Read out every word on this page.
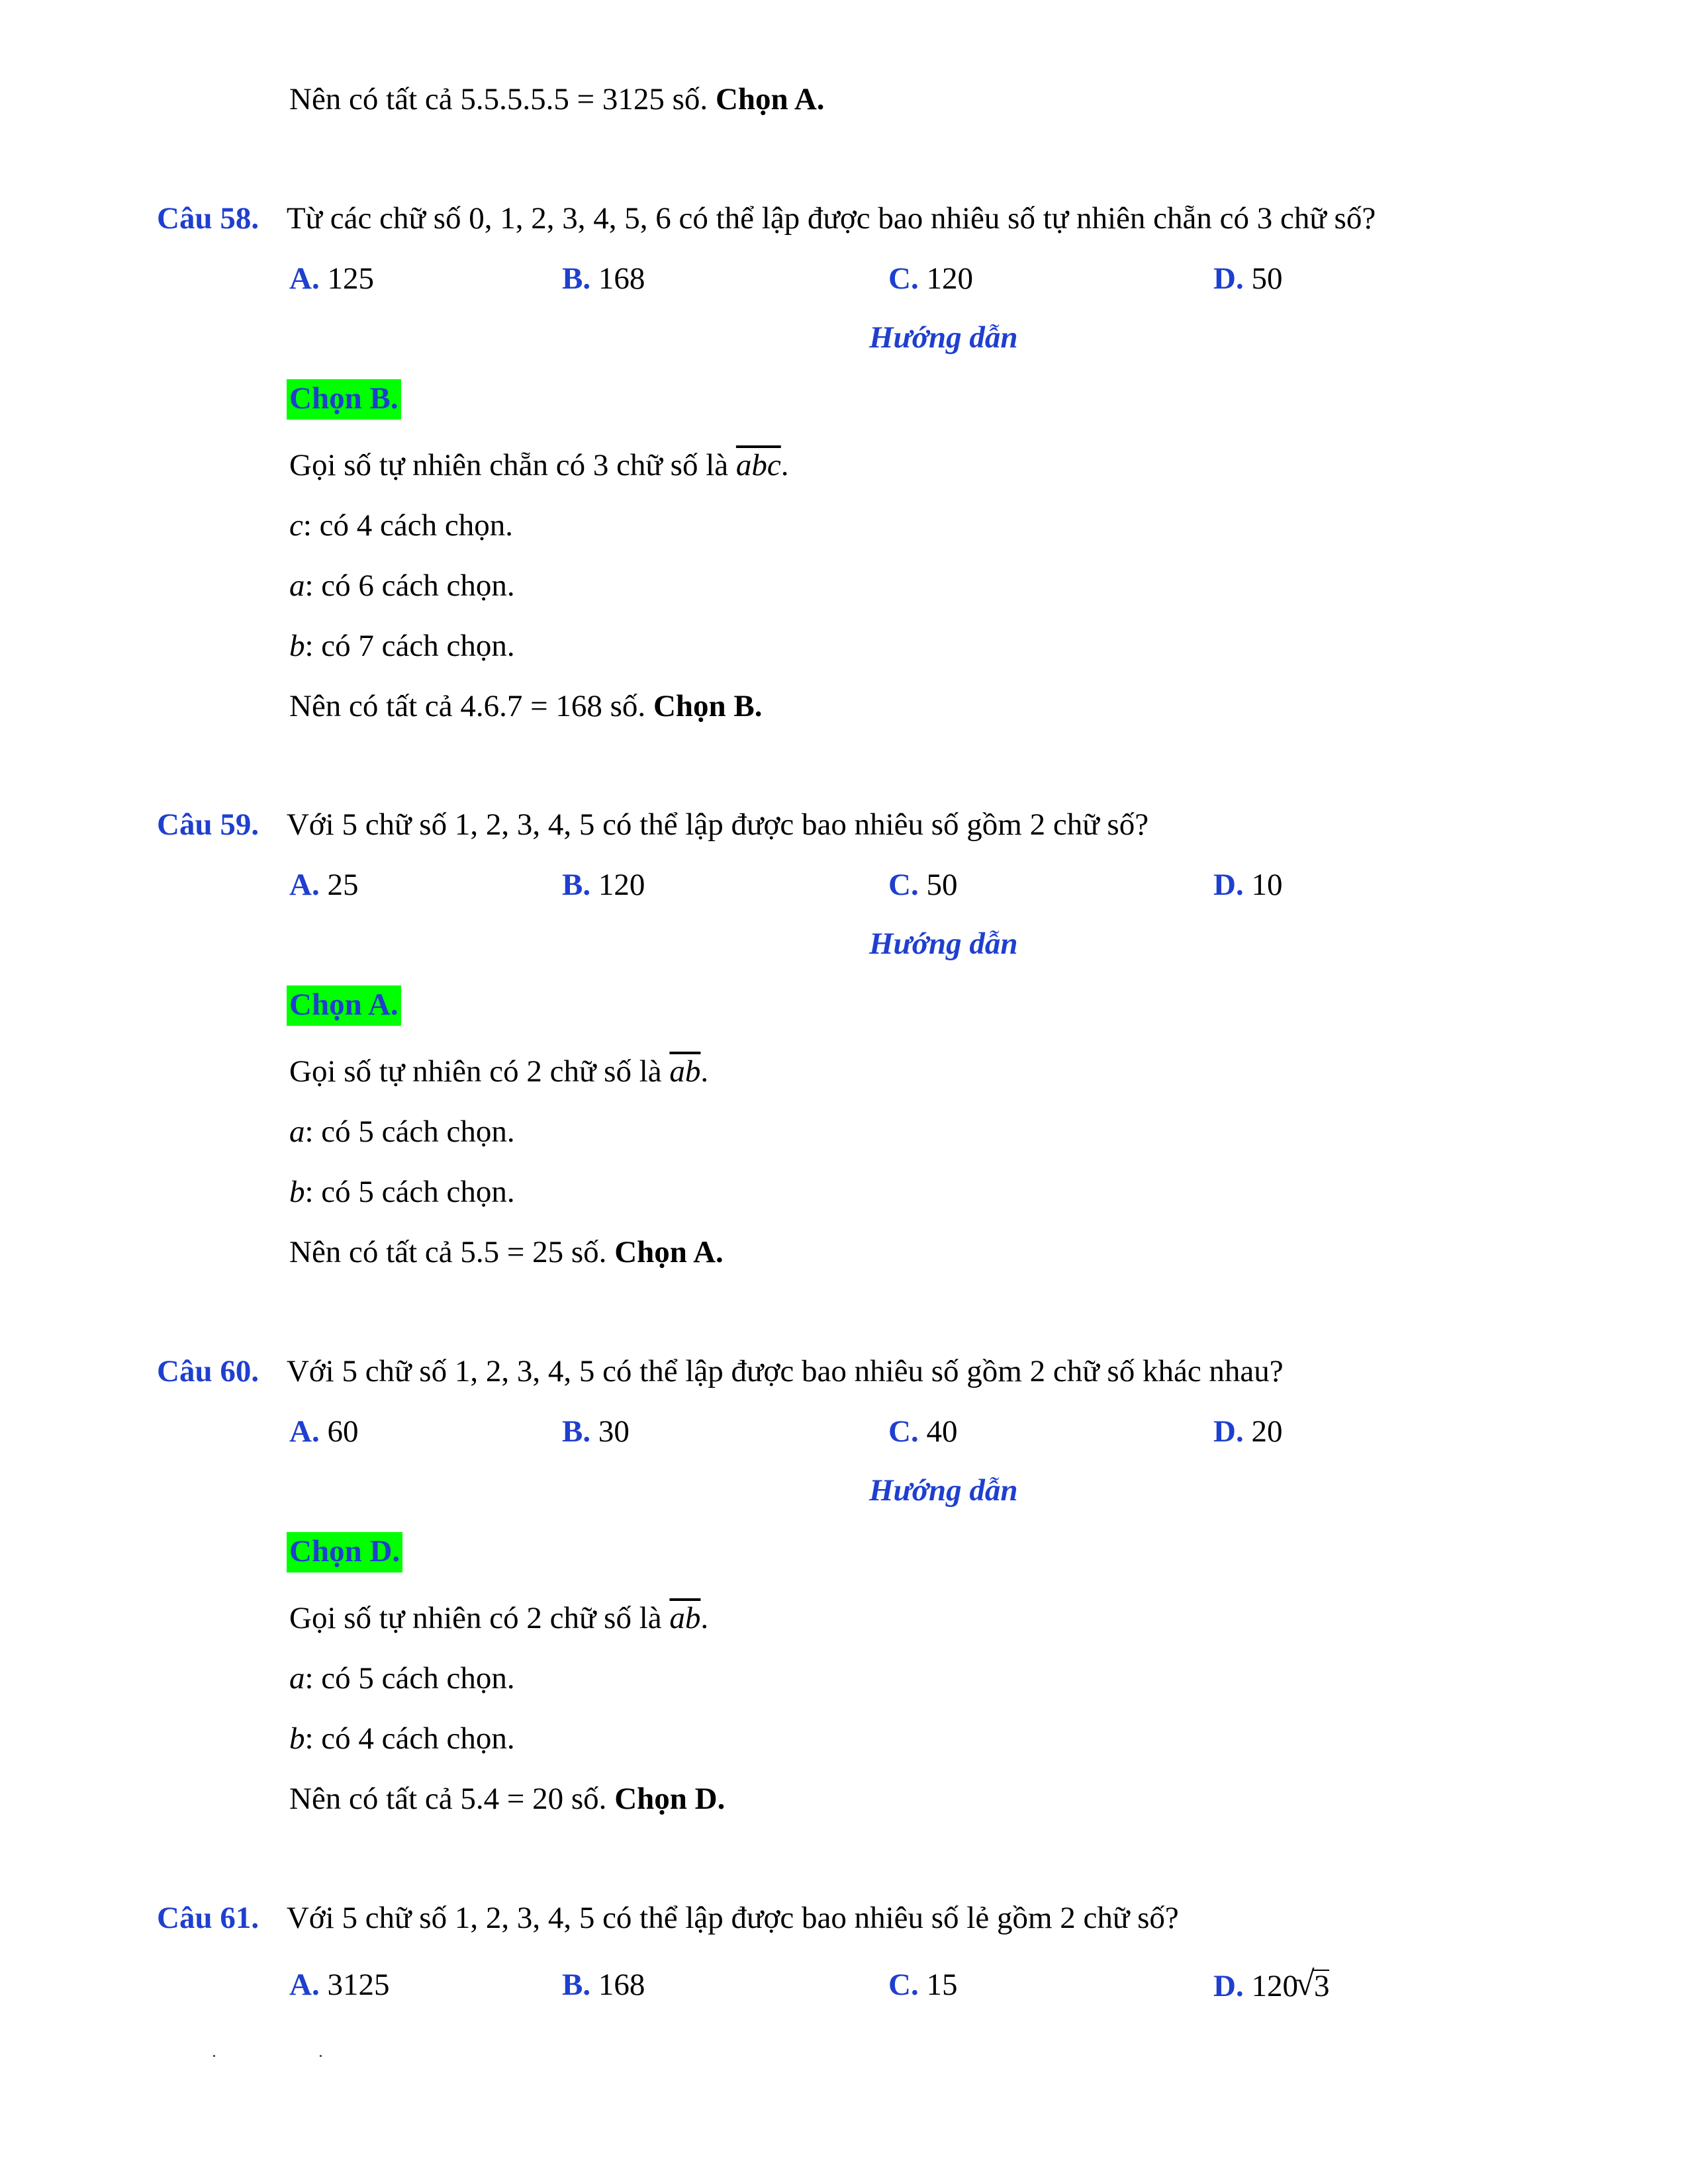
Nên có tất cả 5.5.5.5.5 = 3125 số. Chọn A.
Câu 58. Từ các chữ số 0, 1, 2, 3, 4, 5, 6 có thể lập được bao nhiêu số tự nhiên chẵn có 3 chữ số?
A. 125	B. 168	C. 120	D. 50
Hướng dẫn
Chọn B.
Gọi số tự nhiên chẵn có 3 chữ số là $\overline{abc}$.
c: có 4 cách chọn.
a: có 6 cách chọn.
b: có 7 cách chọn.
Nên có tất cả 4.6.7 = 168 số. Chọn B.
Câu 59. Với 5 chữ số 1, 2, 3, 4, 5 có thể lập được bao nhiêu số gồm 2 chữ số?
A. 25	B. 120	C. 50	D. 10
Hướng dẫn
Chọn A.
Gọi số tự nhiên có 2 chữ số là $\overline{ab}$.
a: có 5 cách chọn.
b: có 5 cách chọn.
Nên có tất cả 5.5 = 25 số. Chọn A.
Câu 60. Với 5 chữ số 1, 2, 3, 4, 5 có thể lập được bao nhiêu số gồm 2 chữ số khác nhau?
A. 60	B. 30	C. 40	D. 20
Hướng dẫn
Chọn D.
Gọi số tự nhiên có 2 chữ số là $\overline{ab}$.
a: có 5 cách chọn.
b: có 4 cách chọn.
Nên có tất cả 5.4 = 20 số. Chọn D.
Câu 61. Với 5 chữ số 1, 2, 3, 4, 5 có thể lập được bao nhiêu số lẻ gồm 2 chữ số?
A. 3125	B. 168	C. 15	D. 120 √ 3
